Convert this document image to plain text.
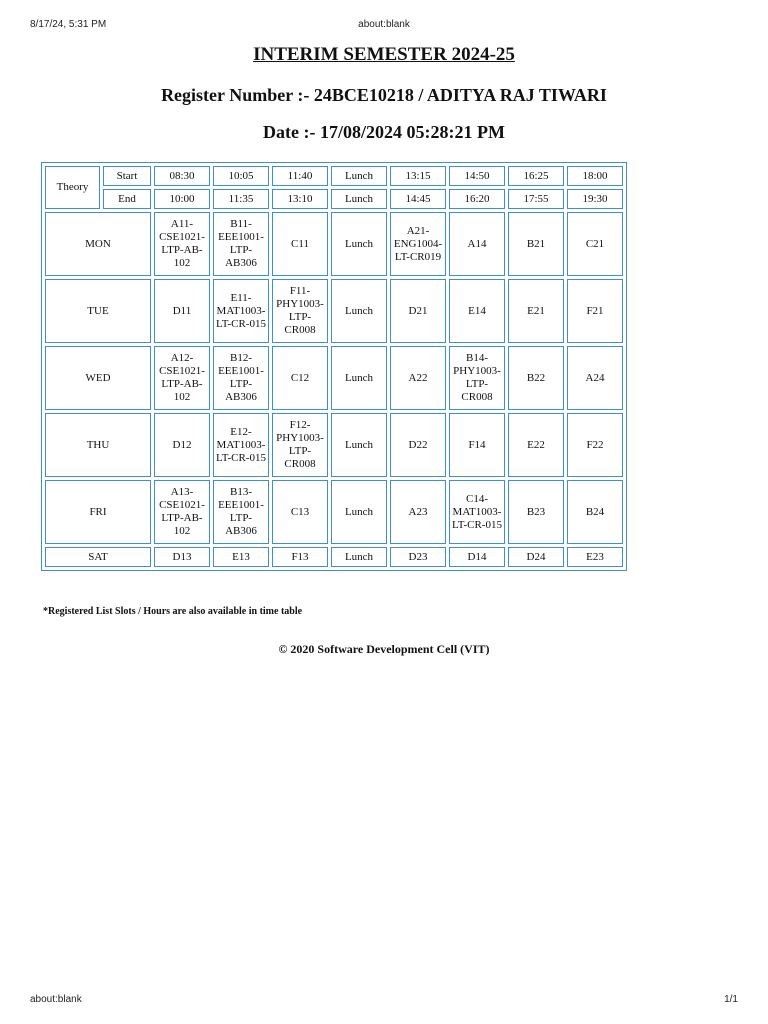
8/17/24, 5:31 PM	about:blank
INTERIM SEMESTER 2024-25
Register Number :- 24BCE10218 / ADITYA RAJ TIWARI
Date :- 17/08/2024 05:28:21 PM
Theory	Start	08:30	10:05	11:40	Lunch	13:15	14:50	16:25	18:00
	End	10:00	11:35	13:10	Lunch	14:45	16:20	17:55	19:30
MON		A11-CSE1021-LTP-AB-102	B11-EEE1001-LTP-AB306	C11	Lunch	A21-ENG1004-LT-CR019	A14	B21	C21
TUE		D11	E11-MAT1003-LT-CR-015	F11-PHY1003-LTP-CR008	Lunch	D21	E14	E21	F21
WED		A12-CSE1021-LTP-AB-102	B12-EEE1001-LTP-AB306	C12	Lunch	A22	B14-PHY1003-LTP-CR008	B22	A24
THU		D12	E12-MAT1003-LT-CR-015	F12-PHY1003-LTP-CR008	Lunch	D22	F14	E22	F22
FRI		A13-CSE1021-LTP-AB-102	B13-EEE1001-LTP-AB306	C13	Lunch	A23	C14-MAT1003-LT-CR-015	B23	B24
SAT		D13	E13	F13	Lunch	D23	D14	D24	E23
*Registered List Slots / Hours are also available in time table
© 2020 Software Development Cell (VIT)
about:blank	1/1
